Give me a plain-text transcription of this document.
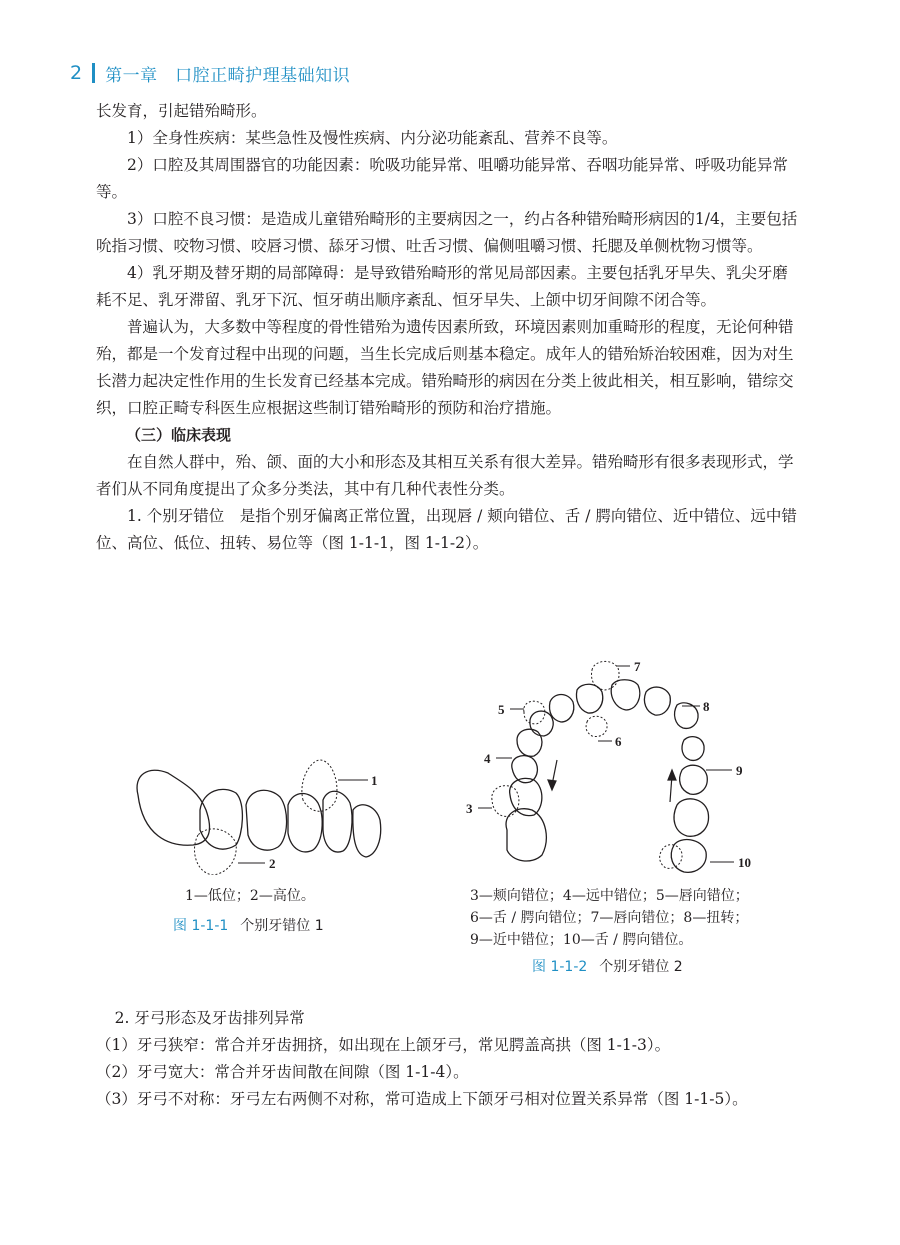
2 第一章　口腔正畸护理基础知识

长发育，引起错殆畸形。

1）全身性疾病：某些急性及慢性疾病、内分泌功能紊乱、营养不良等。

2）口腔及其周围器官的功能因素：吮吸功能异常、咀嚼功能异常、吞咽功能异常、呼吸功能异常等。

3）口腔不良习惯：是造成儿童错殆畸形的主要病因之一，约占各种错殆畸形病因的1/4，主要包括吮指习惯、咬物习惯、咬唇习惯、舔牙习惯、吐舌习惯、偏侧咀嚼习惯、托腮及单侧枕物习惯等。

4）乳牙期及替牙期的局部障碍：是导致错殆畸形的常见局部因素。主要包括乳牙早失、乳尖牙磨耗不足、乳牙滞留、乳牙下沉、恒牙萌出顺序紊乱、恒牙早失、上颌中切牙间隙不闭合等。

普遍认为，大多数中等程度的骨性错殆为遗传因素所致，环境因素则加重畸形的程度，无论何种错殆，都是一个发育过程中出现的问题，当生长完成后则基本稳定。成年人的错殆矫治较困难，因为对生长潜力起决定性作用的生长发育已经基本完成。错殆畸形的病因在分类上彼此相关，相互影响，错综交织，口腔正畸专科医生应根据这些制订错殆畸形的预防和治疗措施。

（三）临床表现

在自然人群中，殆、颌、面的大小和形态及其相互关系有很大差异。错殆畸形有很多表现形式，学者们从不同角度提出了众多分类法，其中有几种代表性分类。

1. 个别牙错位　是指个别牙偏离正常位置，出现唇 / 颊向错位、舌 / 腭向错位、近中错位、远中错位、高位、低位、扭转、易位等（图 1-1-1，图 1-1-2）。

1
2
1—低位；2—高位。
图 1-1-1 个别牙错位 1
3
4
5
6
7
8
9
10
3—颊向错位；4—远中错位；5—唇向错位；
6—舌 / 腭向错位；7—唇向错位；8—扭转；
9—近中错位；10—舌 / 腭向错位。
图 1-1-2 个别牙错位 2

2. 牙弓形态及牙齿排列异常

（1）牙弓狭窄：常合并牙齿拥挤，如出现在上颌牙弓，常见腭盖高拱（图 1-1-3）。

（2）牙弓宽大：常合并牙齿间散在间隙（图 1-1-4）。

（3）牙弓不对称：牙弓左右两侧不对称，常可造成上下颌牙弓相对位置关系异常（图 1-1-5）。
